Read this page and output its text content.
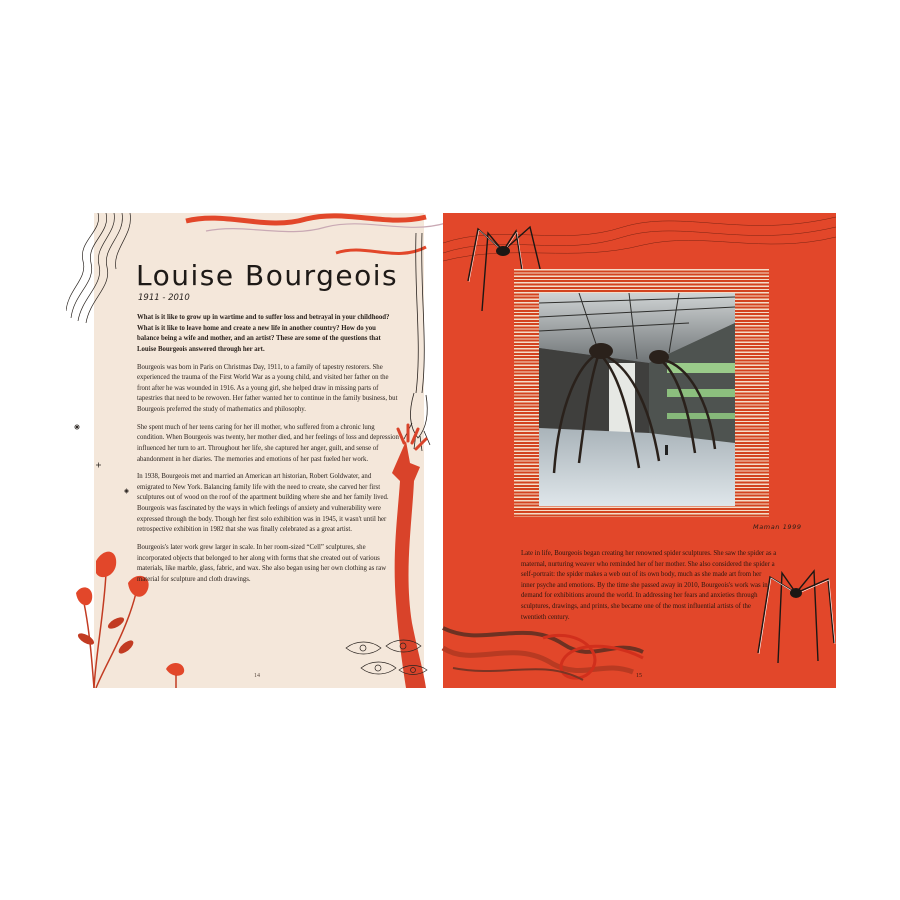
Louise Bourgeois
1911 - 2010

What is it like to grow up in wartime and to suffer loss and betrayal in your childhood? What is it like to leave home and create a new life in another country? How do you balance being a wife and mother, and an artist? These are some of the questions that Louise Bourgeois answered through her art.

Bourgeois was born in Paris on Christmas Day, 1911, to a family of tapestry restorers. She experienced the trauma of the First World War as a young child, and visited her father on the front after he was wounded in 1916. As a young girl, she helped draw in missing parts of tapestries that need to be rewoven. Her father wanted her to continue in the family business, but Bourgeois preferred the study of mathematics and philosophy.

She spent much of her teens caring for her ill mother, who suffered from a chronic lung condition. When Bourgeois was twenty, her mother died, and her feelings of loss and depression influenced her turn to art. Throughout her life, she captured her anger, guilt, and sense of abandonment in her diaries. The memories and emotions of her past fueled her work.

In 1938, Bourgeois met and married an American art historian, Robert Goldwater, and emigrated to New York. Balancing family life with the need to create, she carved her first sculptures out of wood on the roof of the apartment building where she and her family lived. Bourgeois was fascinated by the ways in which feelings of anxiety and vulnerability were expressed through the body. Though her first solo exhibition was in 1945, it wasn't until her retrospective exhibition in 1982 that she was finally celebrated as a great artist.

Bourgeois's later work grew larger in scale. In her room-sized “Cell” sculptures, she incorporated objects that belonged to her along with forms that she created out of various materials, like marble, glass, fabric, and wax. She also began using her own clothing as raw material for sculpture and cloth drawings.

14
Maman 1999

Late in life, Bourgeois began creating her renowned spider sculptures. She saw the spider as a maternal, nurturing weaver who reminded her of her mother. She also considered the spider a self-portrait: the spider makes a web out of its own body, much as she made art from her inner psyche and emotions. By the time she passed away in 2010, Bourgeois's work was in demand for exhibitions around the world. In addressing her fears and anxieties through sculptures, drawings, and prints, she became one of the most influential artists of the twentieth century.

15
